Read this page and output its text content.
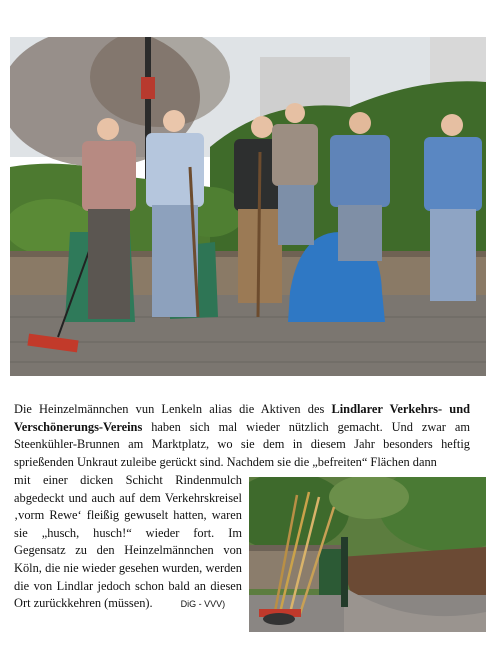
Die Heinzelmännchen vun Lenkeln alias die Aktiven des Lindlarer Verkehrs- und Verschönerungs-Vereins haben sich mal wieder nützlich gemacht. Und zwar am Steenkühler-Brunnen am Marktplatz, wo sie dem in diesem Jahr besonders heftig sprießenden Unkraut zuleibe gerückt sind. Nachdem sie die „befreiten“ Flächen dann

mit einer dicken Schicht Rindenmulch abgedeckt und auch auf dem Verkehrskreisel ‚vorm Rewe‘ fleißig gewuselt hatten, waren sie „husch, husch!“ wieder fort. Im Gegensatz zu den Heinzelmännchen von Köln, die nie wieder gesehen wurden, werden die von Lindlar jedoch schon bald an diesen Ort zurückkehren (müssen).	DiG - VVV)
